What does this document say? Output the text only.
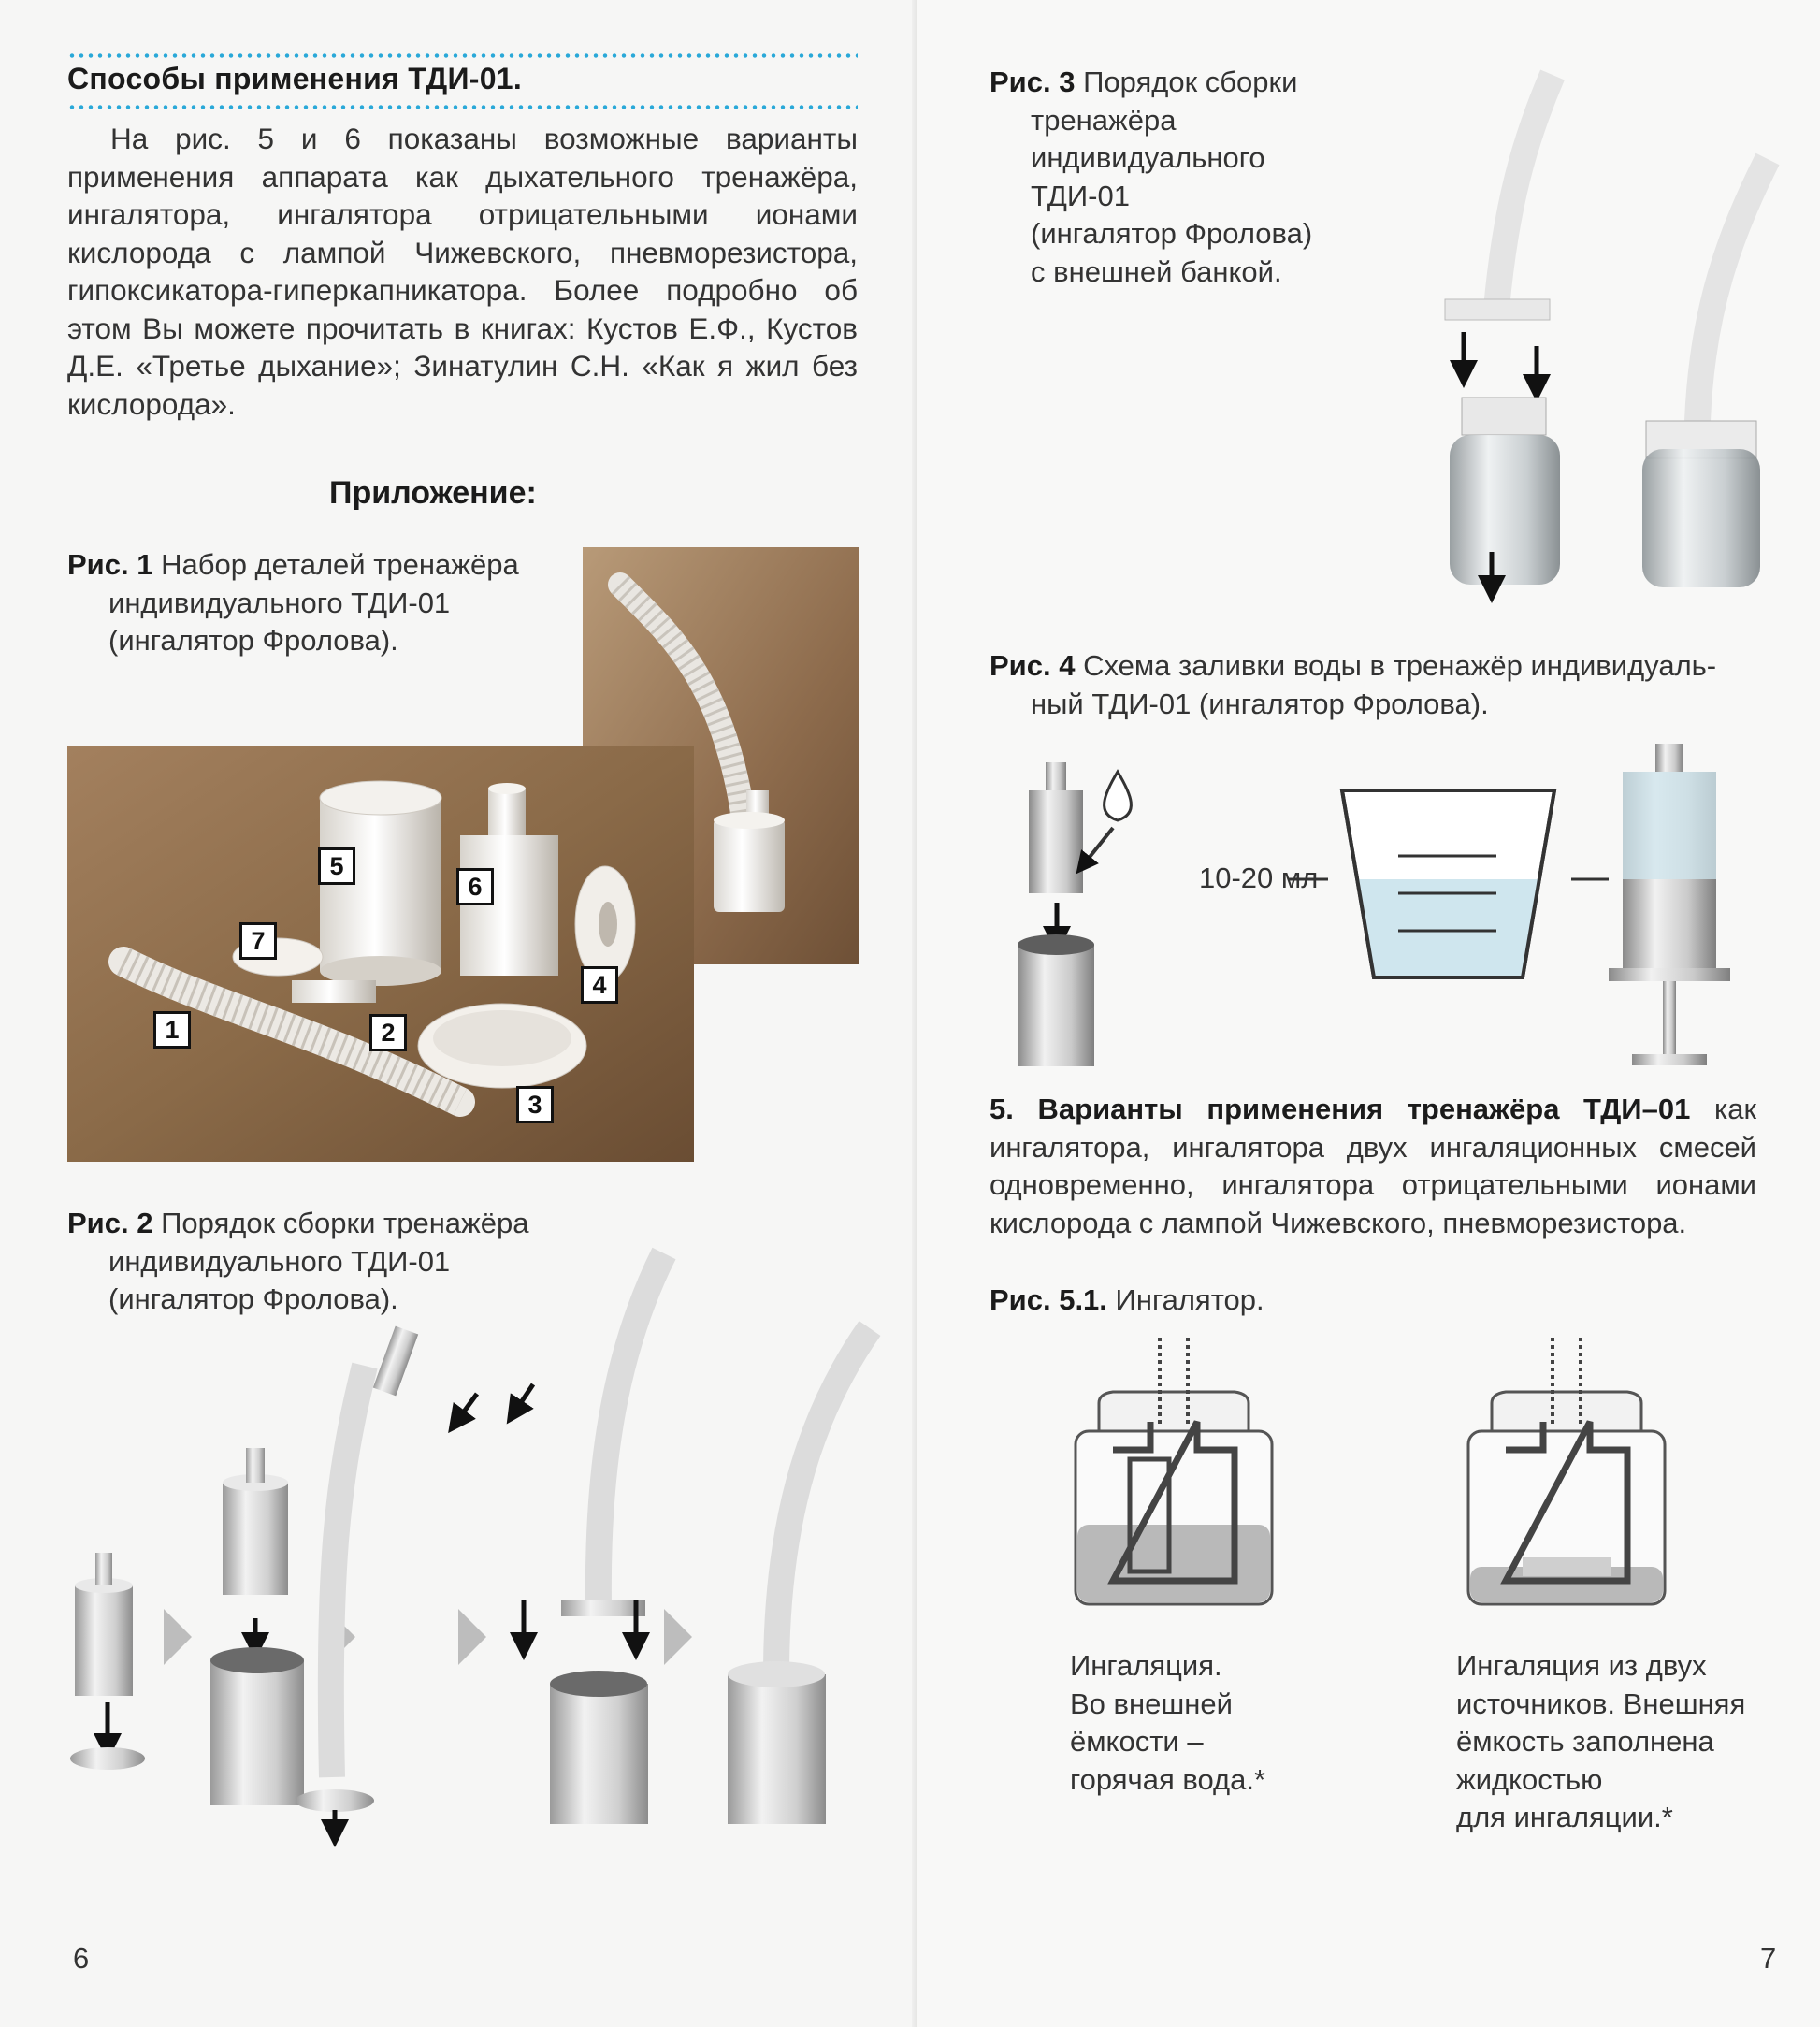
Способы применения ТДИ-01.

На рис. 5 и 6 показаны возможные варианты применения аппарата как дыхательного тренажёра, ингалятора, ингалятора отрицательными ионами кислорода с лампой Чижевского, пневморезистора, гипоксикатора-гиперкапникатора. Более подробно об этом Вы можете прочитать в книгах: Кустов Е.Ф., Кустов Д.Е. «Третье дыхание»; Зинатулин С.Н. «Как я жил без кислорода».

Приложение:
Рис. 1 Набор деталей тренажёра
индивидуального ТДИ-01
(ингалятор Фролова).
1	2
3
4
5
6
7
Рис. 2 Порядок сборки тренажёра
индивидуального ТДИ-01
(ингалятор Фролова).
6
Рис. 3 Порядок сборки
тренажёра
индивидуального
ТДИ-01
(ингалятор Фролова)
с внешней банкой.
Рис. 4 Схема заливки воды в тренажёр индивидуаль-
ный ТДИ-01 (ингалятор Фролова).
10-20 мл
5. Варианты применения тренажёра ТДИ–01 как ингалятора, ингалятора двух ингаляционных смесей одновременно, ингалятора отрицательными ионами кислорода с лампой Чижевского, пневморезистора.
Рис. 5.1. Ингалятор.
Ингаляция.
Во внешней
ёмкости –
горячая вода.*
Ингаляция из двух
источников. Внешняя
ёмкость заполнена
жидкостью
для ингаляции.*
7
